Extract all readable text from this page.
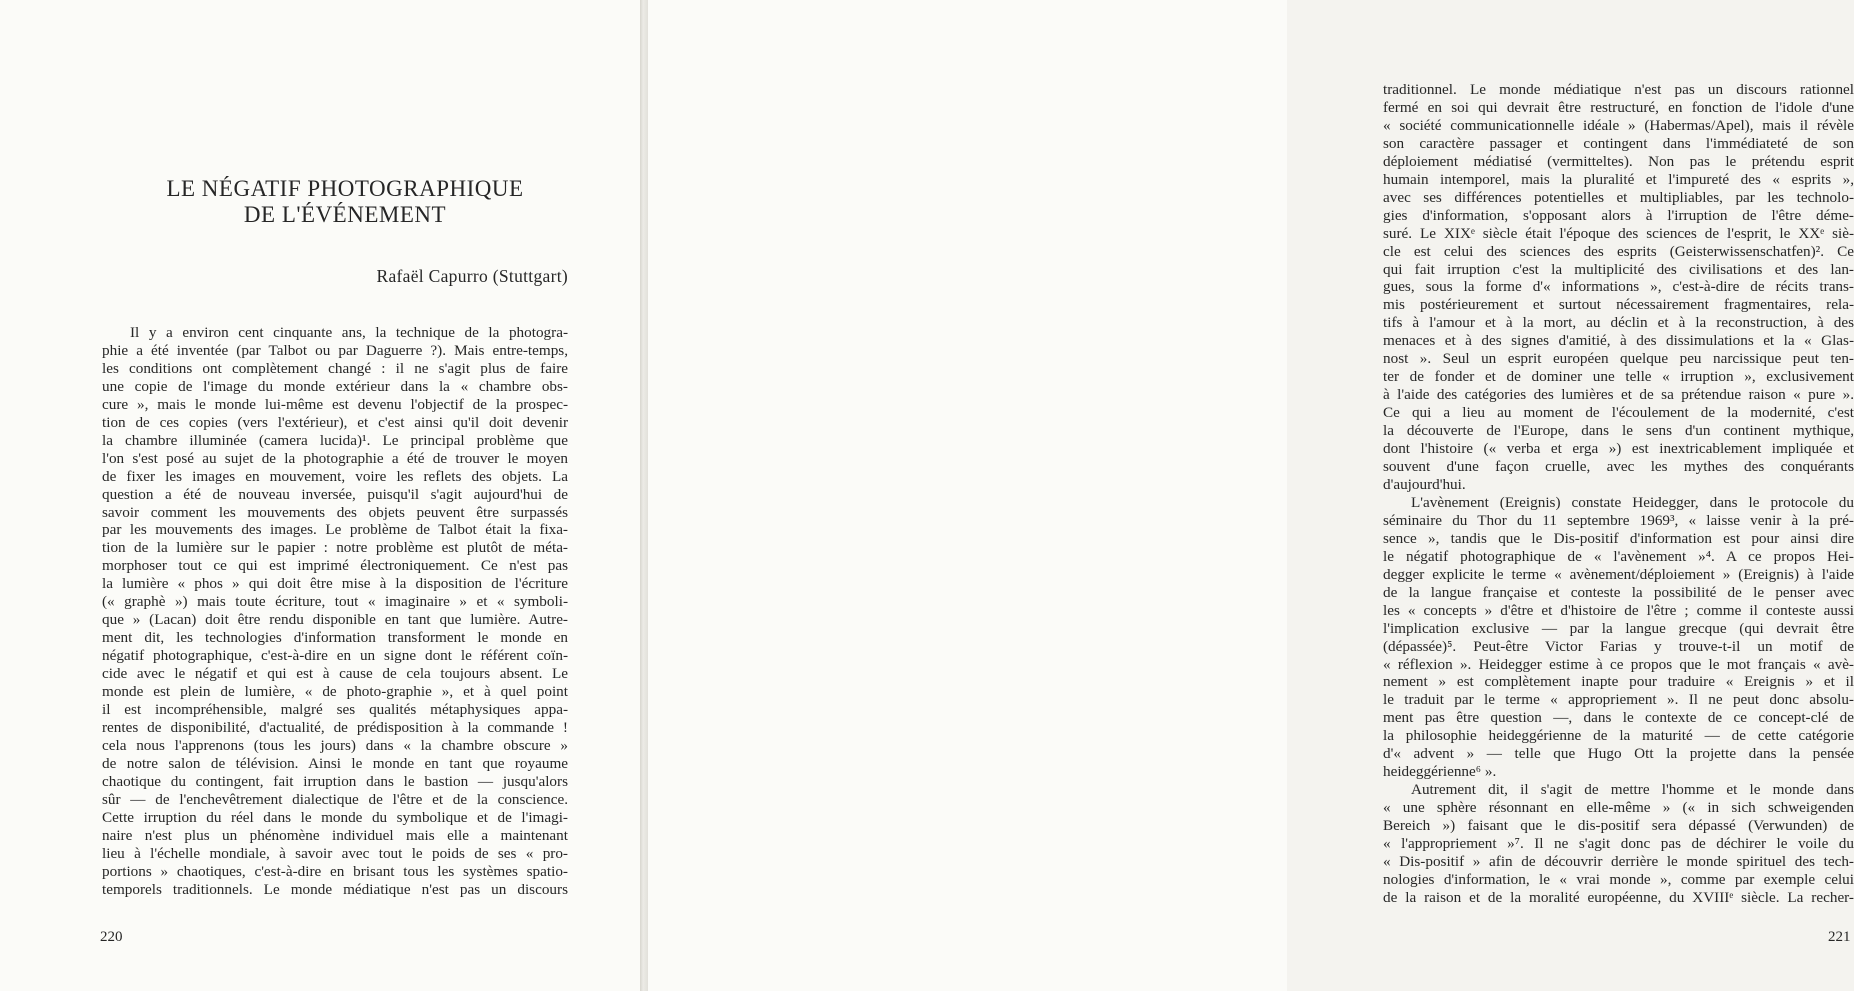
LE NÉGATIF PHOTOGRAPHIQUE
DE L'ÉVÉNEMENT
Rafaël Capurro (Stuttgart)
Il y a environ cent cinquante ans, la technique de la photogra-
phie a été inventée (par Talbot ou par Daguerre ?). Mais entre-temps,
les conditions ont complètement changé : il ne s'agit plus de faire
une copie de l'image du monde extérieur dans la « chambre obs-
cure », mais le monde lui-même est devenu l'objectif de la prospec-
tion de ces copies (vers l'extérieur), et c'est ainsi qu'il doit devenir
la chambre illuminée (camera lucida)¹. Le principal problème que
l'on s'est posé au sujet de la photographie a été de trouver le moyen
de fixer les images en mouvement, voire les reflets des objets. La
question a été de nouveau inversée, puisqu'il s'agit aujourd'hui de
savoir comment les mouvements des objets peuvent être surpassés
par les mouvements des images. Le problème de Talbot était la fixa-
tion de la lumière sur le papier : notre problème est plutôt de méta-
morphoser tout ce qui est imprimé électroniquement. Ce n'est pas
la lumière « phos » qui doit être mise à la disposition de l'écriture
(« graphè ») mais toute écriture, tout « imaginaire » et « symboli-
que » (Lacan) doit être rendu disponible en tant que lumière. Autre-
ment dit, les technologies d'information transforment le monde en
négatif photographique, c'est-à-dire en un signe dont le référent coïn-
cide avec le négatif et qui est à cause de cela toujours absent. Le
monde est plein de lumière, « de photo-graphie », et à quel point
il est incompréhensible, malgré ses qualités métaphysiques appa-
rentes de disponibilité, d'actualité, de prédisposition à la commande !
cela nous l'apprenons (tous les jours) dans « la chambre obscure »
de notre salon de télévision. Ainsi le monde en tant que royaume
chaotique du contingent, fait irruption dans le bastion — jusqu'alors
sûr — de l'enchevêtrement dialectique de l'être et de la conscience.
Cette irruption du réel dans le monde du symbolique et de l'imagi-
naire n'est plus un phénomène individuel mais elle a maintenant
lieu à l'échelle mondiale, à savoir avec tout le poids de ses « pro-
portions » chaotiques, c'est-à-dire en brisant tous les systèmes spatio-
temporels traditionnels. Le monde médiatique n'est pas un discours
220
traditionnel. Le monde médiatique n'est pas un discours rationnel
fermé en soi qui devrait être restructuré, en fonction de l'idole d'une
« société communicationnelle idéale » (Habermas/Apel), mais il révèle
son caractère passager et contingent dans l'immédiateté de son
déploiement médiatisé (vermitteltes). Non pas le prétendu esprit
humain intemporel, mais la pluralité et l'impureté des « esprits »,
avec ses différences potentielles et multipliables, par les technolo-
gies d'information, s'opposant alors à l'irruption de l'être déme-
suré. Le XIXᵉ siècle était l'époque des sciences de l'esprit, le XXᵉ siè-
cle est celui des sciences des esprits (Geisterwissenschatfen)². Ce
qui fait irruption c'est la multiplicité des civilisations et des lan-
gues, sous la forme d'« informations », c'est-à-dire de récits trans-
mis postérieurement et surtout nécessairement fragmentaires, rela-
tifs à l'amour et à la mort, au déclin et à la reconstruction, à des
menaces et à des signes d'amitié, à des dissimulations et la « Glas-
nost ». Seul un esprit européen quelque peu narcissique peut ten-
ter de fonder et de dominer une telle « irruption », exclusivement
à l'aide des catégories des lumières et de sa prétendue raison « pure ».
Ce qui a lieu au moment de l'écoulement de la modernité, c'est
la découverte de l'Europe, dans le sens d'un continent mythique,
dont l'histoire (« verba et erga ») est inextricablement impliquée et
souvent d'une façon cruelle, avec les mythes des conquérants
d'aujourd'hui.
L'avènement (Ereignis) constate Heidegger, dans le protocole du
séminaire du Thor du 11 septembre 1969³, « laisse venir à la pré-
sence », tandis que le Dis-positif d'information est pour ainsi dire
le négatif photographique de « l'avènement »⁴. A ce propos Hei-
degger explicite le terme « avènement/déploiement » (Ereignis) à l'aide
de la langue française et conteste la possibilité de le penser avec
les « concepts » d'être et d'histoire de l'être ; comme il conteste aussi
l'implication exclusive — par la langue grecque (qui devrait être
(dépassée)⁵. Peut-être Victor Farias y trouve-t-il un motif de
« réflexion ». Heidegger estime à ce propos que le mot français « avè-
nement » est complètement inapte pour traduire « Ereignis » et il
le traduit par le terme « appropriement ». Il ne peut donc absolu-
ment pas être question —, dans le contexte de ce concept-clé de
la philosophie heideggérienne de la maturité — de cette catégorie
d'« advent » — telle que Hugo Ott la projette dans la pensée
heideggérienne⁶ ».
Autrement dit, il s'agit de mettre l'homme et le monde dans
« une sphère résonnant en elle-même » (« in sich schweigenden
Bereich ») faisant que le dis-positif sera dépassé (Verwunden) de
« l'appropriement »⁷. Il ne s'agit donc pas de déchirer le voile du
« Dis-positif » afin de découvrir derrière le monde spirituel des tech-
nologies d'information, le « vrai monde », comme par exemple celui
de la raison et de la moralité européenne, du XVIIIᵉ siècle. La recher-
221
